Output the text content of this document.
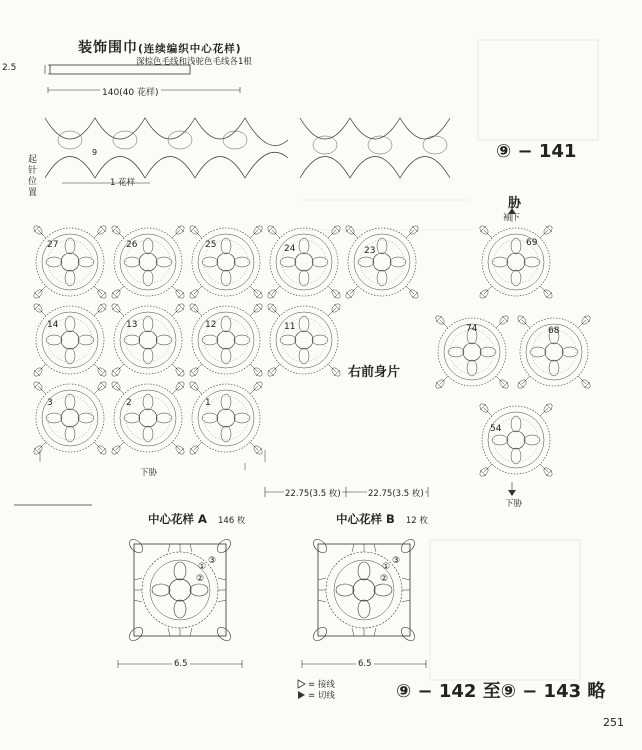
装饰围巾(连续编织中心花样)
深棕色毛线和浅驼色毛线各1根
2.5
140(40 花样)
1 花样
起针位置
9	⑨ − 141
胁
袖下
下胁
69
74	68
54
右前身片
下胁
27	26	25	24	23
14	13	12	11
3	2	1
22.75(3.5 枚)	22.75(3.5 枚)
中心花样 A 146 枚	中心花样 B 12 枚
①
②
③
①
②
③
6.5	6.5
= 接线
= 切线	⑨ − 142 至⑨ − 143 略
251
